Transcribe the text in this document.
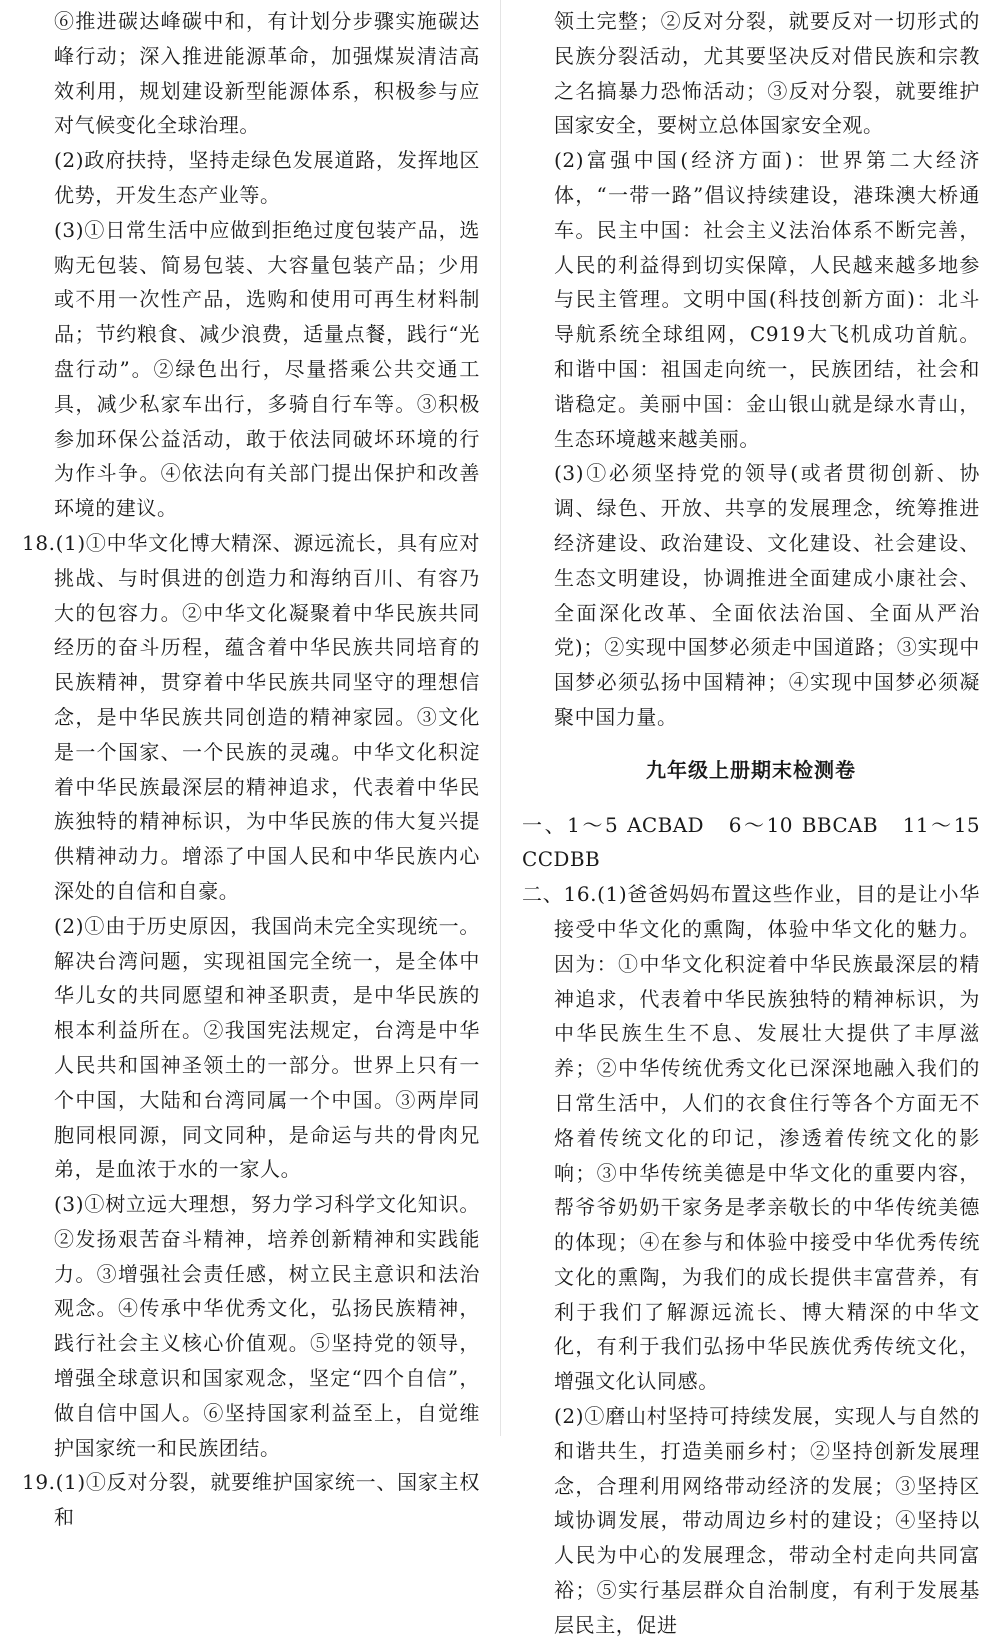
⑥推进碳达峰碳中和，有计划分步骤实施碳达峰行动；深入推进能源革命，加强煤炭清洁高效利用，规划建设新型能源体系，积极参与应对气候变化全球治理。

(2)政府扶持，坚持走绿色发展道路，发挥地区优势，开发生态产业等。

(3)①日常生活中应做到拒绝过度包装产品，选购无包装、简易包装、大容量包装产品；少用或不用一次性产品，选购和使用可再生材料制品；节约粮食、减少浪费，适量点餐，践行“光盘行动”。②绿色出行，尽量搭乘公共交通工具，减少私家车出行，多骑自行车等。③积极参加环保公益活动，敢于依法同破坏环境的行为作斗争。④依法向有关部门提出保护和改善环境的建议。

18.(1)①中华文化博大精深、源远流长，具有应对挑战、与时俱进的创造力和海纳百川、有容乃大的包容力。②中华文化凝聚着中华民族共同经历的奋斗历程，蕴含着中华民族共同培育的民族精神，贯穿着中华民族共同坚守的理想信念，是中华民族共同创造的精神家园。③文化是一个国家、一个民族的灵魂。中华文化积淀着中华民族最深层的精神追求，代表着中华民族独特的精神标识，为中华民族的伟大复兴提供精神动力。增添了中国人民和中华民族内心深处的自信和自豪。

(2)①由于历史原因，我国尚未完全实现统一。解决台湾问题，实现祖国完全统一，是全体中华儿女的共同愿望和神圣职责，是中华民族的根本利益所在。②我国宪法规定，台湾是中华人民共和国神圣领土的一部分。世界上只有一个中国，大陆和台湾同属一个中国。③两岸同胞同根同源，同文同种，是命运与共的骨肉兄弟，是血浓于水的一家人。

(3)①树立远大理想，努力学习科学文化知识。②发扬艰苦奋斗精神，培养创新精神和实践能力。③增强社会责任感，树立民主意识和法治观念。④传承中华优秀文化，弘扬民族精神，践行社会主义核心价值观。⑤坚持党的领导，增强全球意识和国家观念，坚定“四个自信”，做自信中国人。⑥坚持国家利益至上，自觉维护国家统一和民族团结。

19.(1)①反对分裂，就要维护国家统一、国家主权和

领土完整；②反对分裂，就要反对一切形式的民族分裂活动，尤其要坚决反对借民族和宗教之名搞暴力恐怖活动；③反对分裂，就要维护国家安全，要树立总体国家安全观。

(2)富强中国(经济方面)：世界第二大经济体，“一带一路”倡议持续建设，港珠澳大桥通车。民主中国：社会主义法治体系不断完善，人民的利益得到切实保障，人民越来越多地参与民主管理。文明中国(科技创新方面)：北斗导航系统全球组网，C919大飞机成功首航。和谐中国：祖国走向统一，民族团结，社会和谐稳定。美丽中国：金山银山就是绿水青山，生态环境越来越美丽。

(3)①必须坚持党的领导(或者贯彻创新、协调、绿色、开放、共享的发展理念，统筹推进经济建设、政治建设、文化建设、社会建设、生态文明建设，协调推进全面建成小康社会、全面深化改革、全面依法治国、全面从严治党)；②实现中国梦必须走中国道路；③实现中国梦必须弘扬中国精神；④实现中国梦必须凝聚中国力量。

九年级上册期末检测卷

一、1～5 ACBAD　6～10 BBCAB　11～15 CCDBB

二、16.(1)爸爸妈妈布置这些作业，目的是让小华接受中华文化的熏陶，体验中华文化的魅力。因为：①中华文化积淀着中华民族最深层的精神追求，代表着中华民族独特的精神标识，为中华民族生生不息、发展壮大提供了丰厚滋养；②中华传统优秀文化已深深地融入我们的日常生活中，人们的衣食住行等各个方面无不烙着传统文化的印记，渗透着传统文化的影响；③中华传统美德是中华文化的重要内容，帮爷爷奶奶干家务是孝亲敬长的中华传统美德的体现；④在参与和体验中接受中华优秀传统文化的熏陶，为我们的成长提供丰富营养，有利于我们了解源远流长、博大精深的中华文化，有利于我们弘扬中华民族优秀传统文化，增强文化认同感。

(2)①磨山村坚持可持续发展，实现人与自然的和谐共生，打造美丽乡村；②坚持创新发展理念，合理利用网络带动经济的发展；③坚持区域协调发展，带动周边乡村的建设；④坚持以人民为中心的发展理念，带动全村走向共同富裕；⑤实行基层群众自治制度，有利于发展基层民主，促进
